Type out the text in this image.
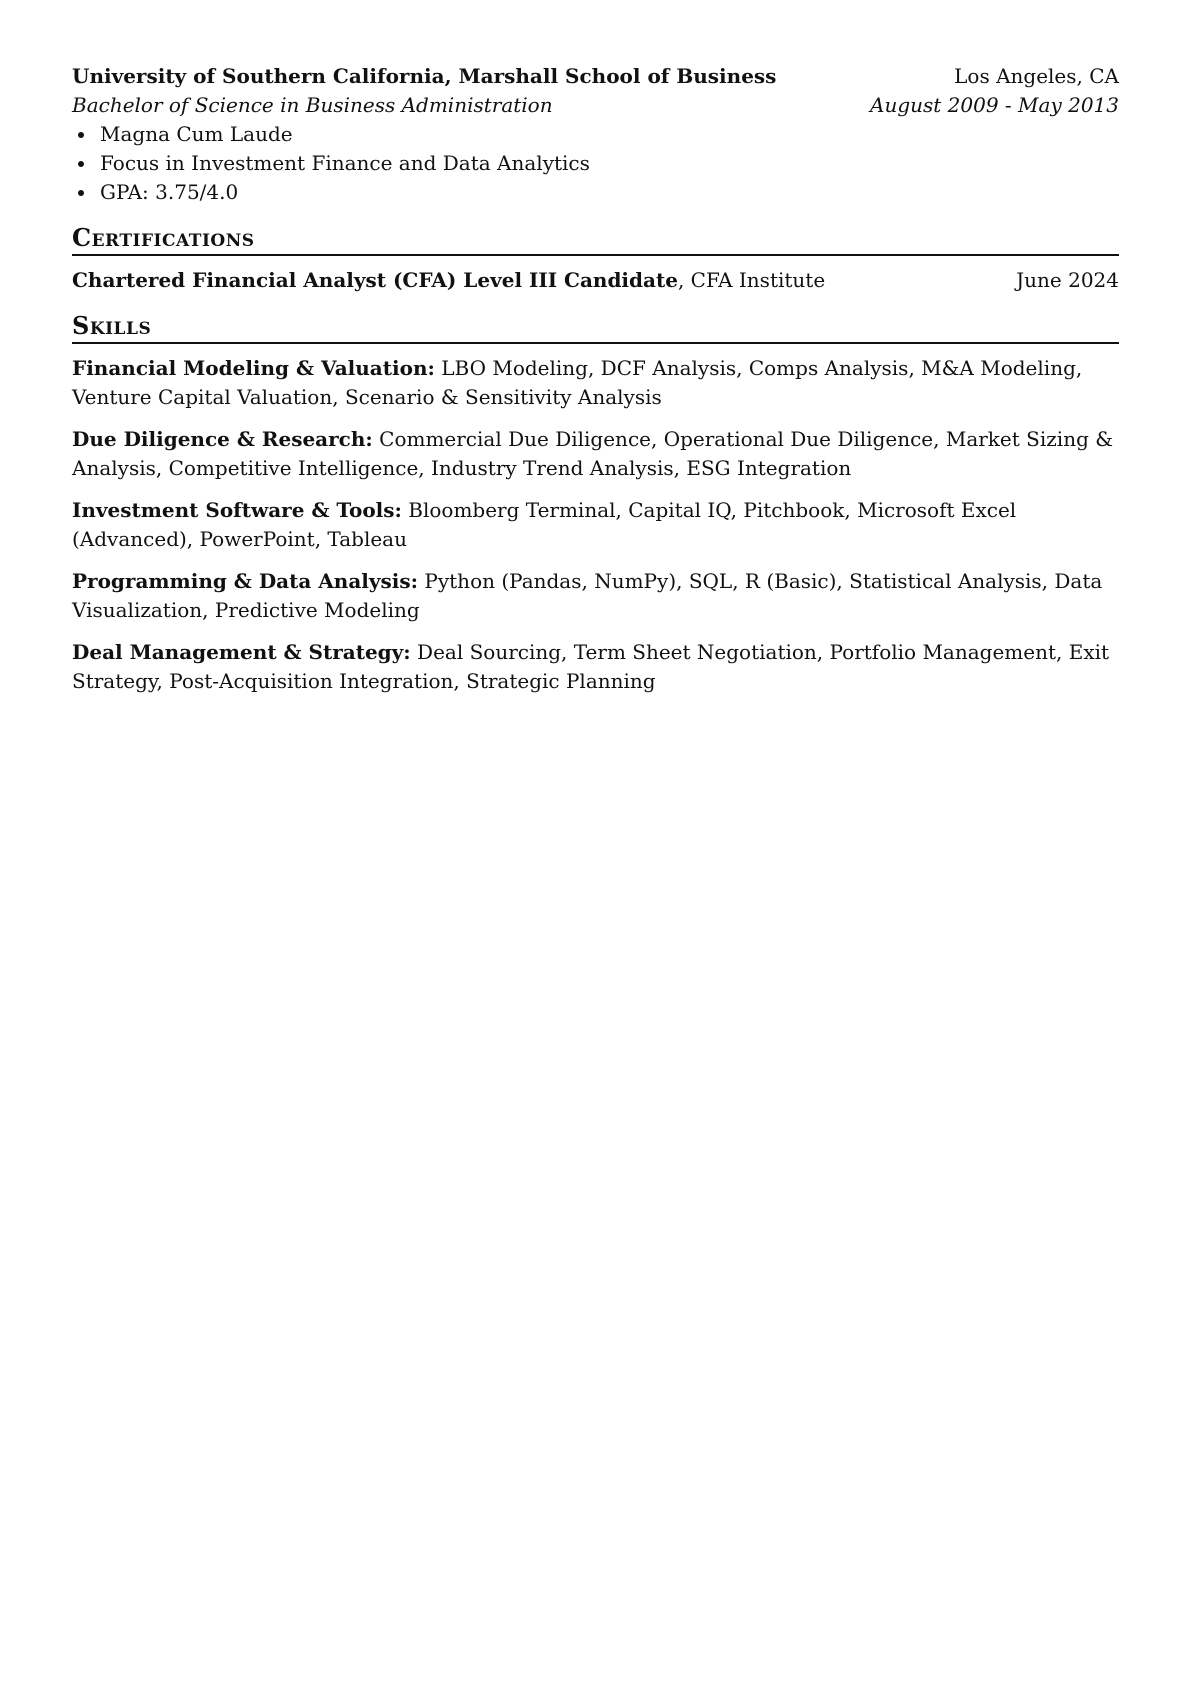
University of Southern California, Marshall School of Business	Los Angeles, CA
Bachelor of Science in Business Administration	August 2009 - May 2013
Magna Cum Laude
Focus in Investment Finance and Data Analytics
GPA: 3.75/4.0
Certifications
Chartered Financial Analyst (CFA) Level III Candidate, CFA Institute	June 2024
Skills
Financial Modeling & Valuation: LBO Modeling, DCF Analysis, Comps Analysis, M&A Modeling, Venture Capital Valuation, Scenario & Sensitivity Analysis
Due Diligence & Research: Commercial Due Diligence, Operational Due Diligence, Market Sizing & Analysis, Competitive Intelligence, Industry Trend Analysis, ESG Integration
Investment Software & Tools: Bloomberg Terminal, Capital IQ, Pitchbook, Microsoft Excel (Advanced), PowerPoint, Tableau
Programming & Data Analysis: Python (Pandas, NumPy), SQL, R (Basic), Statistical Analysis, Data Visualization, Predictive Modeling
Deal Management & Strategy: Deal Sourcing, Term Sheet Negotiation, Portfolio Management, Exit Strategy, Post-Acquisition Integration, Strategic Planning
